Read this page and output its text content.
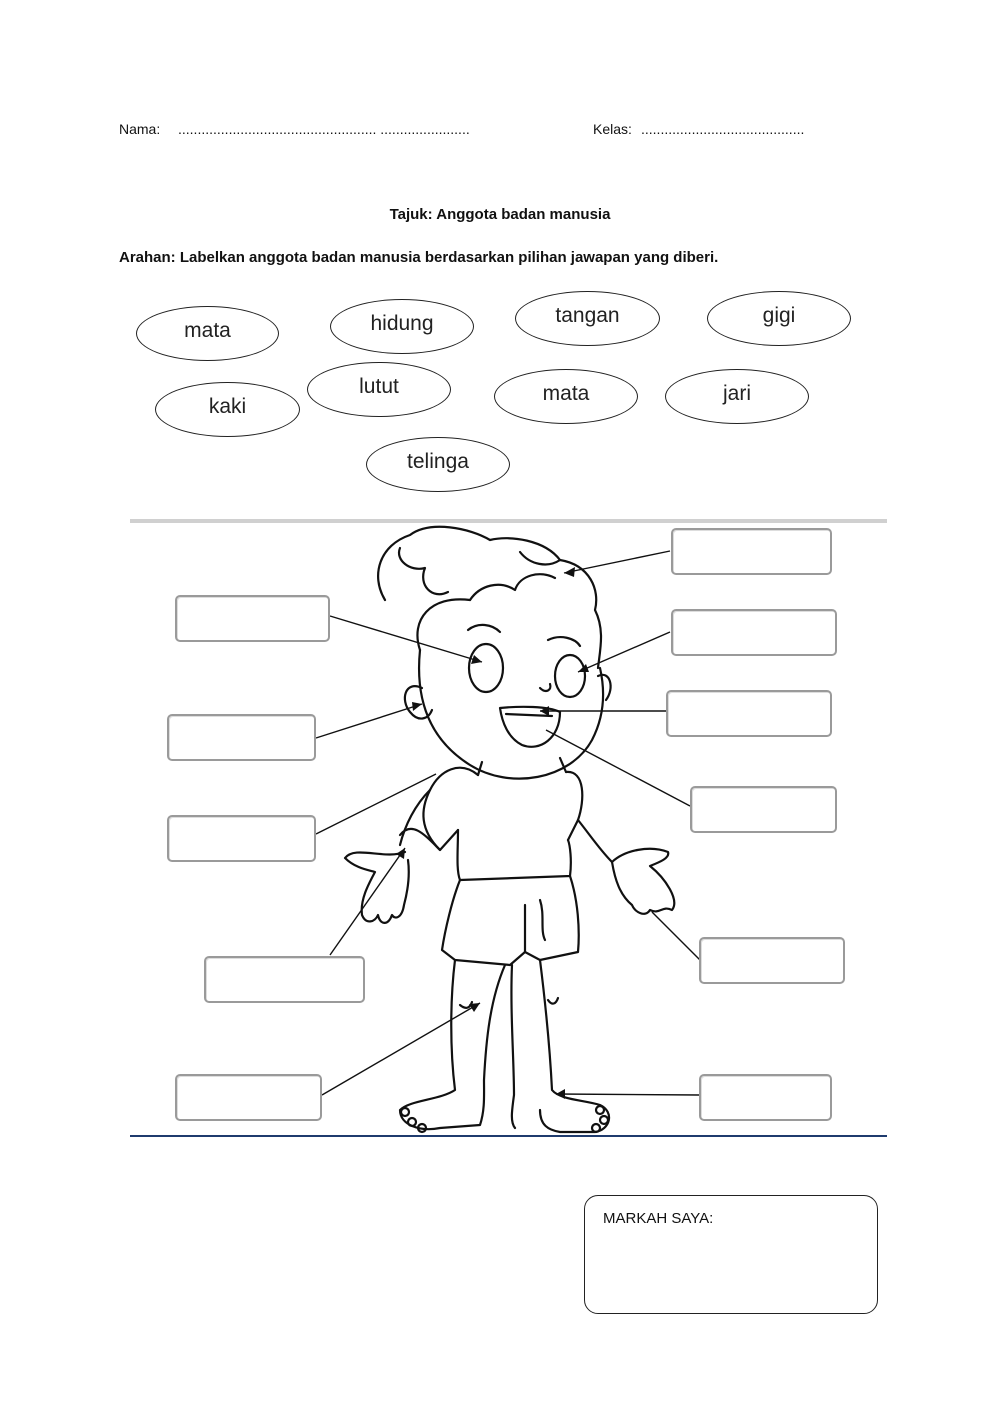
Nama: ................................................... .......................	Kelas: ..........................................
Tajuk: Anggota badan manusia
Arahan: Labelkan anggota badan manusia berdasarkan pilihan jawapan yang diberi.
mata	hidung	tangan	gigi
kaki
lutut	mata	jari
telinga
MARKAH SAYA:
